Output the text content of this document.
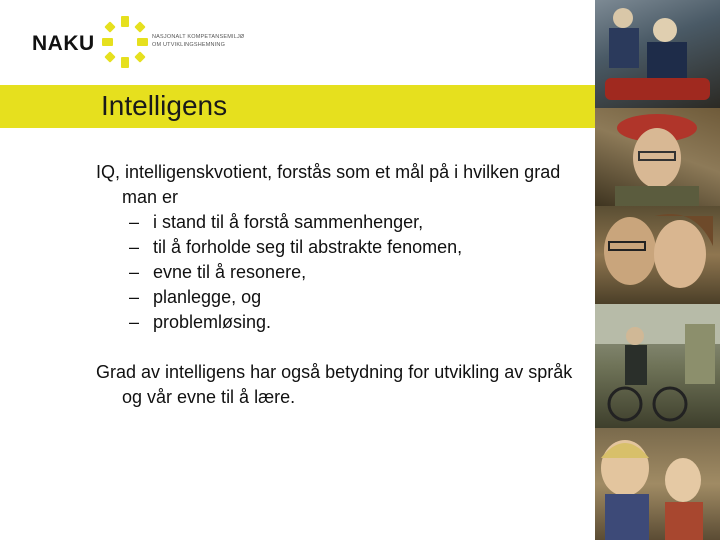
NAKU	NASJONALT KOMPETANSEMILJØ
OM UTVIKLINGSHEMNING
Intelligens

IQ, intelligenskvotient, forstås som et mål på i hvilken grad man er

– i stand til å forstå sammenhenger,
– til å forholde seg til abstrakte fenomen,
– evne til å resonere,
– planlegge, og
– problemløsing.

Grad av intelligens har også betydning for utvikling av språk og vår evne til å lære.
